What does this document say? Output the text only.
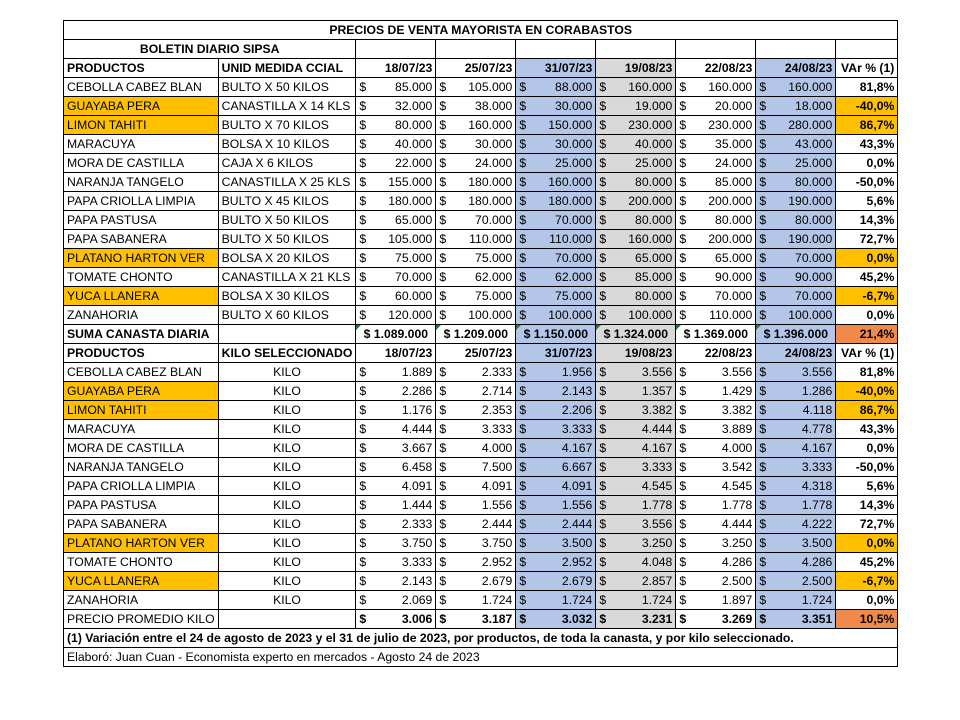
PRECIOS DE VENTA MAYORISTA EN CORABASTOS								
BOLETIN DIARIO SIPSA								
PRODUCTOS	UNID MEDIDA CCIAL	18/07/23	25/07/23	31/07/23	19/08/23	22/08/23	24/08/23	VAr % (1)
CEBOLLA CABEZ BLAN	BULTO X 50 KILOS	$ 85.000	$ 105.000	$ 88.000	$ 160.000	$ 160.000	$ 160.000	81,8%
GUAYABA PERA	CANASTILLA X 14 KLS	$ 32.000	$ 38.000	$ 30.000	$ 19.000	$ 20.000	$ 18.000	-40,0%
LIMON TAHITI	BULTO X 70 KILOS	$ 80.000	$ 160.000	$ 150.000	$ 230.000	$ 230.000	$ 280.000	86,7%
MARACUYA	BOLSA X 10 KILOS	$ 40.000	$ 30.000	$ 30.000	$ 40.000	$ 35.000	$ 43.000	43,3%
MORA DE CASTILLA	CAJA X 6 KILOS	$ 22.000	$ 24.000	$ 25.000	$ 25.000	$ 24.000	$ 25.000	0,0%
NARANJA TANGELO	CANASTILLA X 25 KLS	$ 155.000	$ 180.000	$ 160.000	$ 80.000	$ 85.000	$ 80.000	-50,0%
PAPA CRIOLLA LIMPIA	BULTO X 45 KILOS	$ 180.000	$ 180.000	$ 180.000	$ 200.000	$ 200.000	$ 190.000	5,6%
PAPA PASTUSA	BULTO X 50 KILOS	$ 65.000	$ 70.000	$ 70.000	$ 80.000	$ 80.000	$ 80.000	14,3%
PAPA SABANERA	BULTO X 50 KILOS	$ 105.000	$ 110.000	$ 110.000	$ 160.000	$ 200.000	$ 190.000	72,7%
PLATANO HARTON VER	BOLSA X 20 KILOS	$ 75.000	$ 75.000	$ 70.000	$ 65.000	$ 65.000	$ 70.000	0,0%
TOMATE CHONTO	CANASTILLA X 21 KLS	$ 70.000	$ 62.000	$ 62.000	$ 85.000	$ 90.000	$ 90.000	45,2%
YUCA LLANERA	BOLSA X 30 KILOS	$ 60.000	$ 75.000	$ 75.000	$ 80.000	$ 70.000	$ 70.000	-6,7%
ZANAHORIA	BULTO X 60 KILOS	$ 120.000	$ 100.000	$ 100.000	$ 100.000	$ 110.000	$ 100.000	0,0%
SUMA CANASTA DIARIA		$ 1.089.000	$ 1.209.000	$ 1.150.000	$ 1.324.000	$ 1.369.000	$ 1.396.000	21,4%
PRODUCTOS	KILO SELECCIONADO	18/07/23	25/07/23	31/07/23	19/08/23	22/08/23	24/08/23	VAr % (1)
CEBOLLA CABEZ BLAN	KILO	$ 1.889	$ 2.333	$ 1.956	$ 3.556	$ 3.556	$ 3.556	81,8%
GUAYABA PERA	KILO	$ 2.286	$ 2.714	$ 2.143	$ 1.357	$ 1.429	$ 1.286	-40,0%
LIMON TAHITI	KILO	$ 1.176	$ 2.353	$ 2.206	$ 3.382	$ 3.382	$ 4.118	86,7%
MARACUYA	KILO	$ 4.444	$ 3.333	$ 3.333	$ 4.444	$ 3.889	$ 4.778	43,3%
MORA DE CASTILLA	KILO	$ 3.667	$ 4.000	$ 4.167	$ 4.167	$ 4.000	$ 4.167	0,0%
NARANJA TANGELO	KILO	$ 6.458	$ 7.500	$ 6.667	$ 3.333	$ 3.542	$ 3.333	-50,0%
PAPA CRIOLLA LIMPIA	KILO	$ 4.091	$ 4.091	$ 4.091	$ 4.545	$ 4.545	$ 4.318	5,6%
PAPA PASTUSA	KILO	$ 1.444	$ 1.556	$ 1.556	$ 1.778	$ 1.778	$ 1.778	14,3%
PAPA SABANERA	KILO	$ 2.333	$ 2.444	$ 2.444	$ 3.556	$ 4.444	$ 4.222	72,7%
PLATANO HARTON VER	KILO	$ 3.750	$ 3.750	$ 3.500	$ 3.250	$ 3.250	$ 3.500	0,0%
TOMATE CHONTO	KILO	$ 3.333	$ 2.952	$ 2.952	$ 4.048	$ 4.286	$ 4.286	45,2%
YUCA LLANERA	KILO	$ 2.143	$ 2.679	$ 2.679	$ 2.857	$ 2.500	$ 2.500	-6,7%
ZANAHORIA	KILO	$ 2.069	$ 1.724	$ 1.724	$ 1.724	$ 1.897	$ 1.724	0,0%
PRECIO PROMEDIO KILO		$ 3.006	$ 3.187	$ 3.032	$ 3.231	$ 3.269	$ 3.351	10,5%
(1) Variación entre el 24 de agosto de 2023 y el 31 de julio de 2023, por productos, de toda la canasta, y por kilo seleccionado.								
Elaboró: Juan Cuan - Economista experto en mercados - Agosto 24 de 2023								
